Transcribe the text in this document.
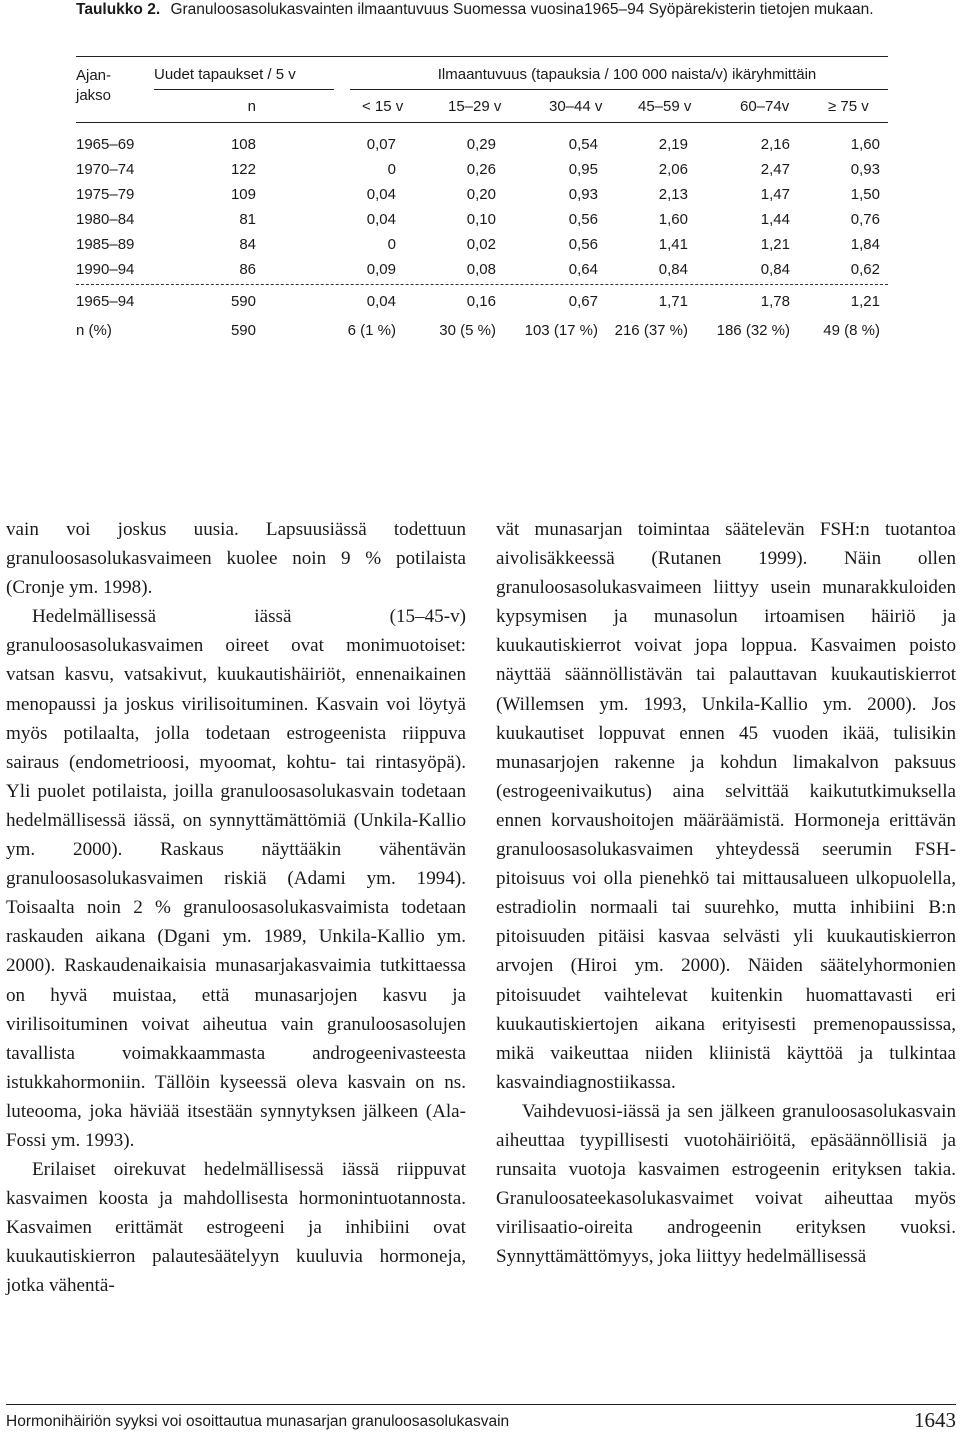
Taulukko 2. Granuloosasolukasvainten ilmaantuvuus Suomessa vuosina1965–94 Syöpärekisterin tietojen mukaan.
Ajan- jakso
Uudet tapaukset / 5 v	Ilmaantuvuus (tapauksia / 100 000 naista/v) ikäryhmittäin
n	< 15 v	15–29 v	30–44 v 45–59 v	60–74v	≥ 75 v
1965–69	108	0,07	0,29	0,54	2,19	2,16	1,60
1970–74	122	0	0,26	0,95	2,06	2,47	0,93
1975–79	109	0,04	0,20	0,93	2,13	1,47	1,50
1980–84	81	0,04	0,10	0,56	1,60	1,44	0,76
1985–89	84	0	0,02	0,56	1,41	1,21	1,84
1990–94	86	0,09	0,08	0,64	0,84	0,84	0,62
1965–94	590	0,04	0,16	0,67	1,71	1,78	1,21
n (%)	590	6 (1 %)	30 (5 %)	103 (17 %)	216 (37 %)	186 (32 %)	49 (8 %)

vain voi joskus uusia. Lapsuusiässä todettuun granuloosasolukasvaimeen kuolee noin 9 % potilaista (Cronje ym. 1998).

Hedelmällisessä iässä (15–45-v) granuloosasolukasvaimen oireet ovat monimuotoiset: vatsan kasvu, vatsakivut, kuukautishäiriöt, ennenaikainen menopaussi ja joskus virilisoituminen. Kasvain voi löytyä myös potilaalta, jolla todetaan estrogeenista riippuva sairaus (endometrioosi, myoomat, kohtu- tai rintasyöpä). Yli puolet potilaista, joilla granuloosasolukasvain todetaan hedelmällisessä iässä, on synnyttämättömiä (Unkila-Kallio ym. 2000). Raskaus näyttääkin vähentävän granuloosasolukasvaimen riskiä (Adami ym. 1994). Toisaalta noin 2 % granuloosasolukasvaimista todetaan raskauden aikana (Dgani ym. 1989, Unkila-Kallio ym. 2000). Raskaudenaikaisia munasarjakasvaimia tutkittaessa on hyvä muistaa, että munasarjojen kasvu ja virilisoituminen voivat aiheutua vain granuloosasolujen tavallista voimakkaammasta androgeenivasteesta istukkahormoniin. Tällöin kyseessä oleva kasvain on ns. luteooma, joka häviää itsestään synnytyksen jälkeen (Ala-Fossi ym. 1993).

Erilaiset oirekuvat hedelmällisessä iässä riippuvat kasvaimen koosta ja mahdollisesta hormonintuotannosta. Kasvaimen erittämät estrogeeni ja inhibiini ovat kuukautiskierron palautesäätelyyn kuuluvia hormoneja, jotka vähentä-

vät munasarjan toimintaa säätelevän FSH:n tuotantoa aivolisäkkeessä (Rutanen 1999). Näin ollen granuloosasolukasvaimeen liittyy usein munarakkuloiden kypsymisen ja munasolun irtoamisen häiriö ja kuukautiskierrot voivat jopa loppua. Kasvaimen poisto näyttää säännöllistävän tai palauttavan kuukautiskierrot (Willemsen ym. 1993, Unkila-Kallio ym. 2000). Jos kuukautiset loppuvat ennen 45 vuoden ikää, tulisikin munasarjojen rakenne ja kohdun limakalvon paksuus (estrogeenivaikutus) aina selvittää kaikututkimuksella ennen korvaushoitojen määräämistä. Hormoneja erittävän granuloosasolukasvaimen yhteydessä seerumin FSH-pitoisuus voi olla pienehkö tai mittausalueen ulkopuolella, estradiolin normaali tai suurehko, mutta inhibiini B:n pitoisuuden pitäisi kasvaa selvästi yli kuukautiskierron arvojen (Hiroi ym. 2000). Näiden säätelyhormonien pitoisuudet vaihtelevat kuitenkin huomattavasti eri kuukautiskiertojen aikana erityisesti premenopaussissa, mikä vaikeuttaa niiden kliinistä käyttöä ja tulkintaa kasvaindiagnostiikassa.

Vaihdevuosi-iässä ja sen jälkeen granuloosasolukasvain aiheuttaa tyypillisesti vuotohäiriöitä, epäsäännöllisiä ja runsaita vuotoja kasvaimen estrogeenin erityksen takia. Granuloosateekasolukasvaimet voivat aiheuttaa myös virilisaatio-oireita androgeenin erityksen vuoksi. Synnyttämättömyys, joka liittyy hedelmällisessä

Hormonihäiriön syyksi voi osoittautua munasarjan granuloosasolukasvain	1643
